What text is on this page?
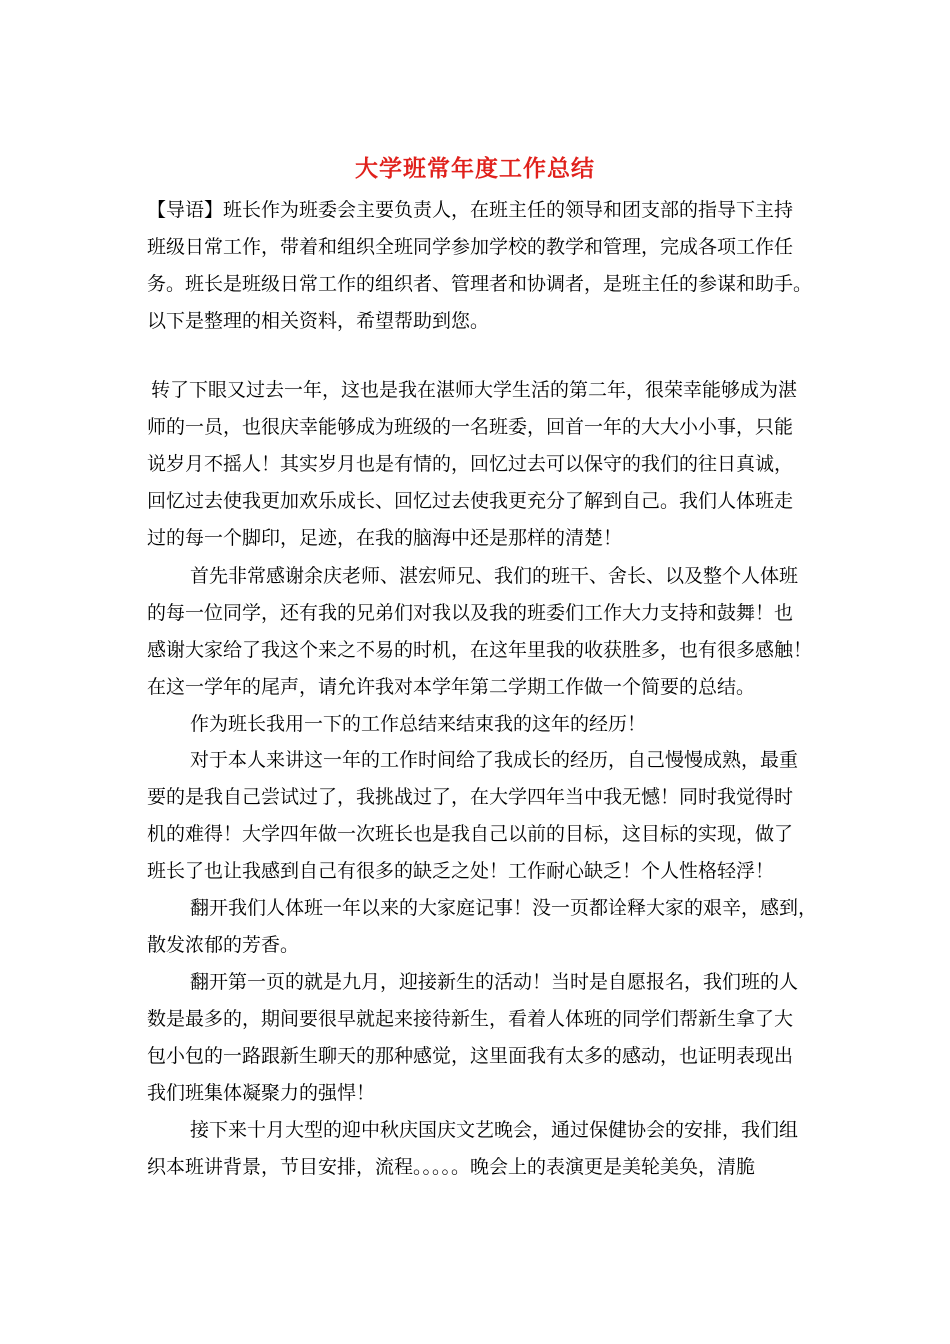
大学班常年度工作总结
【导语】班长作为班委会主要负责人，在班主任的领导和团支部的指导下主持
班级日常工作，带着和组织全班同学参加学校的教学和管理，完成各项工作任
务。班长是班级日常工作的组织者、管理者和协调者，是班主任的参谋和助手。
以下是整理的相关资料，希望帮助到您。
转了下眼又过去一年，这也是我在湛师大学生活的第二年，很荣幸能够成为湛
师的一员，也很庆幸能够成为班级的一名班委，回首一年的大大小小事，只能
说岁月不摇人！其实岁月也是有情的，回忆过去可以保守的我们的往日真诚，
回忆过去使我更加欢乐成长、回忆过去使我更充分了解到自己。我们人体班走
过的每一个脚印，足迹，在我的脑海中还是那样的清楚！
首先非常感谢余庆老师、湛宏师兄、我们的班干、舍长、以及整个人体班
的每一位同学，还有我的兄弟们对我以及我的班委们工作大力支持和鼓舞！也
感谢大家给了我这个来之不易的时机，在这年里我的收获胜多，也有很多感触！
在这一学年的尾声，请允许我对本学年第二学期工作做一个简要的总结。
作为班长我用一下的工作总结来结束我的这年的经历！
对于本人来讲这一年的工作时间给了我成长的经历，自己慢慢成熟，最重
要的是我自己尝试过了，我挑战过了，在大学四年当中我无憾！同时我觉得时
机的难得！大学四年做一次班长也是我自己以前的目标，这目标的实现，做了
班长了也让我感到自己有很多的缺乏之处！工作耐心缺乏！个人性格轻浮！
翻开我们人体班一年以来的大家庭记事！没一页都诠释大家的艰辛，感到，
散发浓郁的芳香。
翻开第一页的就是九月，迎接新生的活动！当时是自愿报名，我们班的人
数是最多的，期间要很早就起来接待新生，看着人体班的同学们帮新生拿了大
包小包的一路跟新生聊天的那种感觉，这里面我有太多的感动，也证明表现出
我们班集体凝聚力的强悍！
接下来十月大型的迎中秋庆国庆文艺晚会，通过保健协会的安排，我们组
织本班讲背景，节目安排，流程。。。。。晚会上的表演更是美轮美奂，清脆
